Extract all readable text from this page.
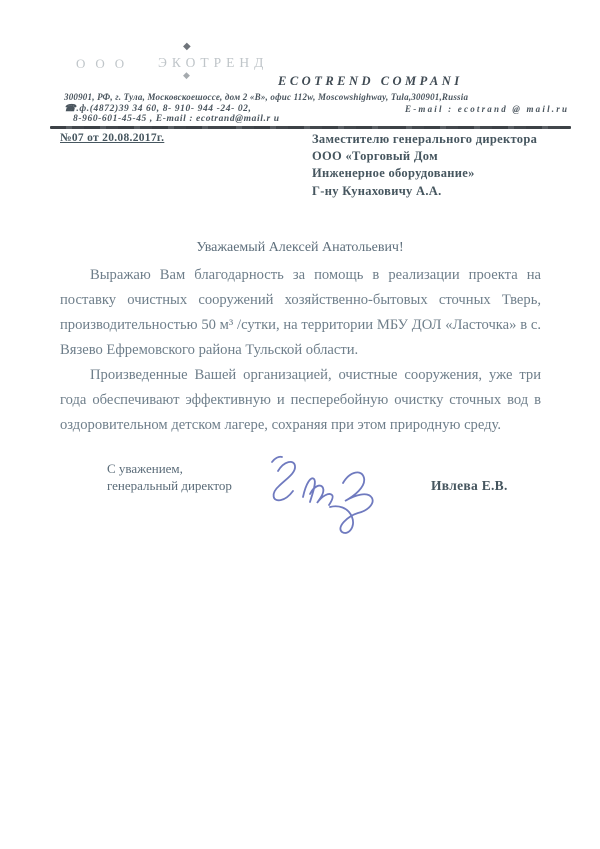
ООО ЭКОТРЕНД
◆
◆	ECOTREND COMPANI
300901, РФ, г. Тула, Московскоешоссе, дом 2 «В», офис 112w, Moscowshighway, Tula,300901,Russia
☎.ф.(4872)39 34 60, 8- 910- 944 -24- 02,	E-mail : ecotrand @ mail.ru
8-960-601-45-45 , E-mail : ecotrand@mail.r u
№07 от 20.08.2017г.	Заместителю генерального директора
ООО «Торговый Дом
Инженерное оборудование»
Г-ну Кунаховичу А.А.
Уважаемый Алексей Анатольевич!
Выражаю Вам благодарность за помощь в реализации проекта на
поставку очистных сооружений хозяйственно-бытовых сточных Тверь,
производительностью 50 м³ /сутки, на территории МБУ ДОЛ «Ласточка» в с.
Вязево Ефремовского района Тульской области.
Произведенные Вашей организацией, очистные сооружения, уже три
года обеспечивают эффективную и песперебойную очистку сточных вод в
оздоровительном детском лагере, сохраняя при этом природную среду.
С уважением,
генеральный директор	Ивлева Е.В.
